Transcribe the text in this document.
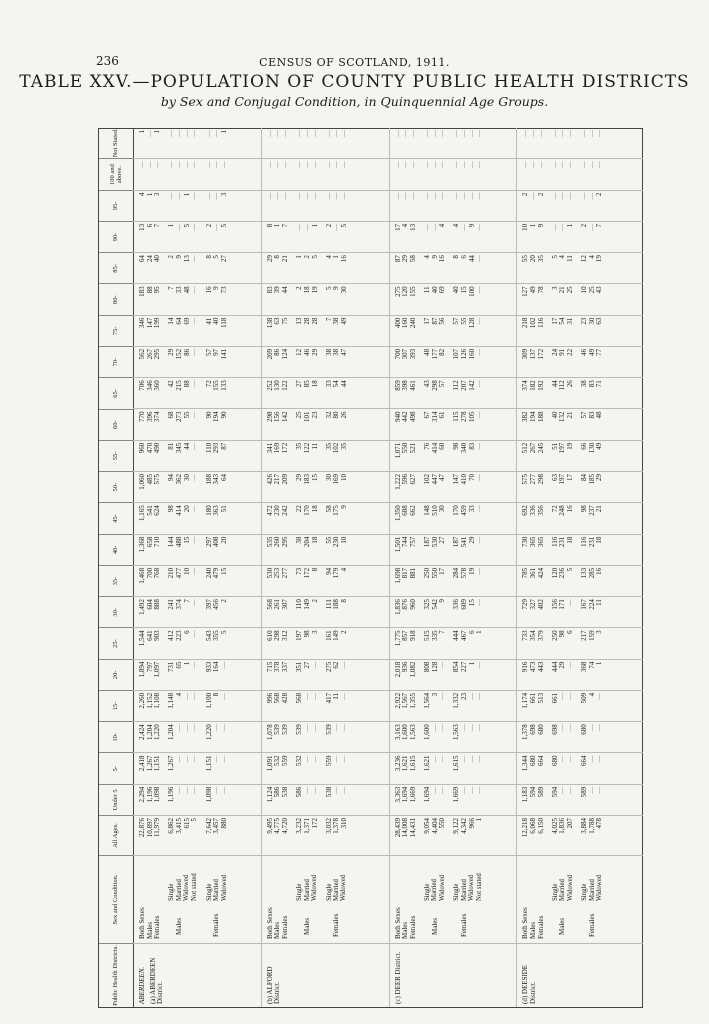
236	CENSUS OF SCOTLAND, 1911.
TABLE XXV.—POPULATION OF COUNTY PUBLIC HEALTH DISTRICTS
by Sex and Conjugal Condition, in Quinquennial Age Groups.
Public Health Districts.
Sex and Condition.
All Ages.
Under 5
5-
10-
15-
20-
25-
30-
35-
40-
45-
50-
55-
60-
65-
70-
75-
80-
85-
90-
95-
100 and above.
Not Stated.
ABERDEEN. (a) ABERDEEN District.
Both Sexes Males Females Males
Single Married Widowed Not stated
Females
Single Married Widowed
22,876 10,897 11,979 6,862 3,415 615 5 7,642 3,457 880
2,294 1,196 1,098 1,196 — — — 1,098 — —
2,418 1,267 1,151 1,267 — — — 1,151 — —
2,424 1,204 1,220 1,204 — — — 1,220 — —
2,260 1,152 1,108 1,148 4 — — 1,100 8 —
1,894 797 1,097 731 65 1 — 933 164 —
1,544 641 903 412 223 6 — 543 355 5
1,492 604 888 241 374 7 — 397 456 2
1,468 700 768 210 477 10 — 240 479 15
1,368 658 710 144 488 15 — 297 408 20
1,165 541 624 98 414 20 — 180 363 51
1,060 485 575 94 362 30 — 188 343 64
960 470 490 81 345 44 — 110 293 87
770 396 374 68 273 55 — 90 194 90
706 346 360 42 215 88 — 72 155 133
562 267 295 29 152 86 — 57 97 141
346 147 199 14 64 69 — 41 40 118
183 88 95 7 33 48 — 16 9 73
64 24 40 2 9 13 — 8 5 27
13 6 7 1 — 5 — 2 — 5
4 1 3 — — 1 — — — 3
— — — — — — — — — —
1 — 1 — — — — — — 1
(b) ALFORD District.
Both Sexes Males Females Males
Single Married Widowed
Females
Single Married Widowed
9,495 4,775 4,720 3,232 1,371 172 3,032 1,378 310
1,124 586 538 586 — — 538 — —
1,091 532 559 532 — — 559 — —
1,078 539 539 539 — — 539 — —
996 568 428 568 — — 417 11 —
715 378 337 351 27 — 275 62 —
610 298 312 197 98 3 161 149 2
568 261 307 110 149 2 111 188 8
530 253 277 73 172 8 94 179 4
535 260 295 38 204 18 55 230 10
472 230 242 22 170 18 58 175 9
426 217 209 29 183 15 30 169 10
341 169 172 35 122 11 35 102 35
298 156 142 25 101 23 32 80 26
252 130 122 27 85 18 33 54 44
209 86 124 12 46 29 38 38 47
138 63 75 13 28 28 7 38 49
83 39 44 2 18 19 5 9 30
29 8 21 1 2 5 4 1 16
8 1 7 — — 1 2 — 5
— — — — — — — — —
— — — — — — — — —
— — — — — — — — —
(c) DEER District.
Both Sexes Males Females Males
Single Married Widowed
Females
Single Married Widowed Not stated
28,439 14,008 14,431 9,054 4,404 550 9,122 4,342 966 1
3,363 1,694 1,669 1,694 — — 1,669 — — —
3,236 1,621 1,615 1,621 — — 1,615 — — —
3,163 1,600 1,563 1,600 — — 1,563 — — —
2,922 1,567 1,355 1,564 3 — 1,332 23 — —
2,018 936 1,082 808 128 — 854 227 1 —
1,775 857 918 515 335 7 444 467 6 1
1,836 876 960 325 542 9 336 609 15 —
1,698 817 881 250 550 17 284 578 19 —
1,501 744 757 187 530 27 187 541 29 —
1,350 688 662 148 510 30 170 459 33 —
1,222 596 627 102 447 47 147 410 70 —
1,071 550 521 76 414 60 98 340 83 —
940 442 498 67 314 61 115 278 105 —
859 398 461 43 298 57 112 207 142 —
700 307 393 48 177 82 107 126 160 —
400 160 240 17 87 56 57 55 128 —
275 120 155 11 40 69 40 15 100 —
87 29 58 4 9 16 8 6 44 —
17 4 13 — — 4 4 — 9 —
— — — — — — — — — —
— — — — — — — — — —
— — — — — — — — — —
(d) DEESIDE District.
Both Sexes Males Females Males
Single Married Widowed
Females
Single Married Widowed
12,218 6,068 6,150 4,025 1,836 207 3,884 1,788 478
1,183 594 589 594 — — 589 — —
1,344 680 664 680 — — 664 — —
1,378 698 680 698 — — 680 — —
1,174 661 513 661 — — 509 4 —
916 473 443 444 29 — 368 74 1
733 354 379 250 98 6 217 159 3
729 327 402 156 171 — 167 224 11
785 361 424 120 236 5 133 285 16
730 365 365 116 231 18 116 231 18
692 336 356 72 248 16 98 237 21
575 277 298 63 197 17 84 185 29
512 267 245 51 197 19 66 130 49
382 194 188 40 132 21 57 83 48
374 182 192 44 112 26 38 83 71
309 137 172 24 91 22 46 49 77
218 102 116 17 54 31 23 30 63
127 49 78 3 21 25 10 25 43
55 20 35 5 4 11 12 4 19
10 1 9 — — 1 2 — 7
2 — 2 — — — — — 2
— — — — — — — — —
— — — — — — — — —
